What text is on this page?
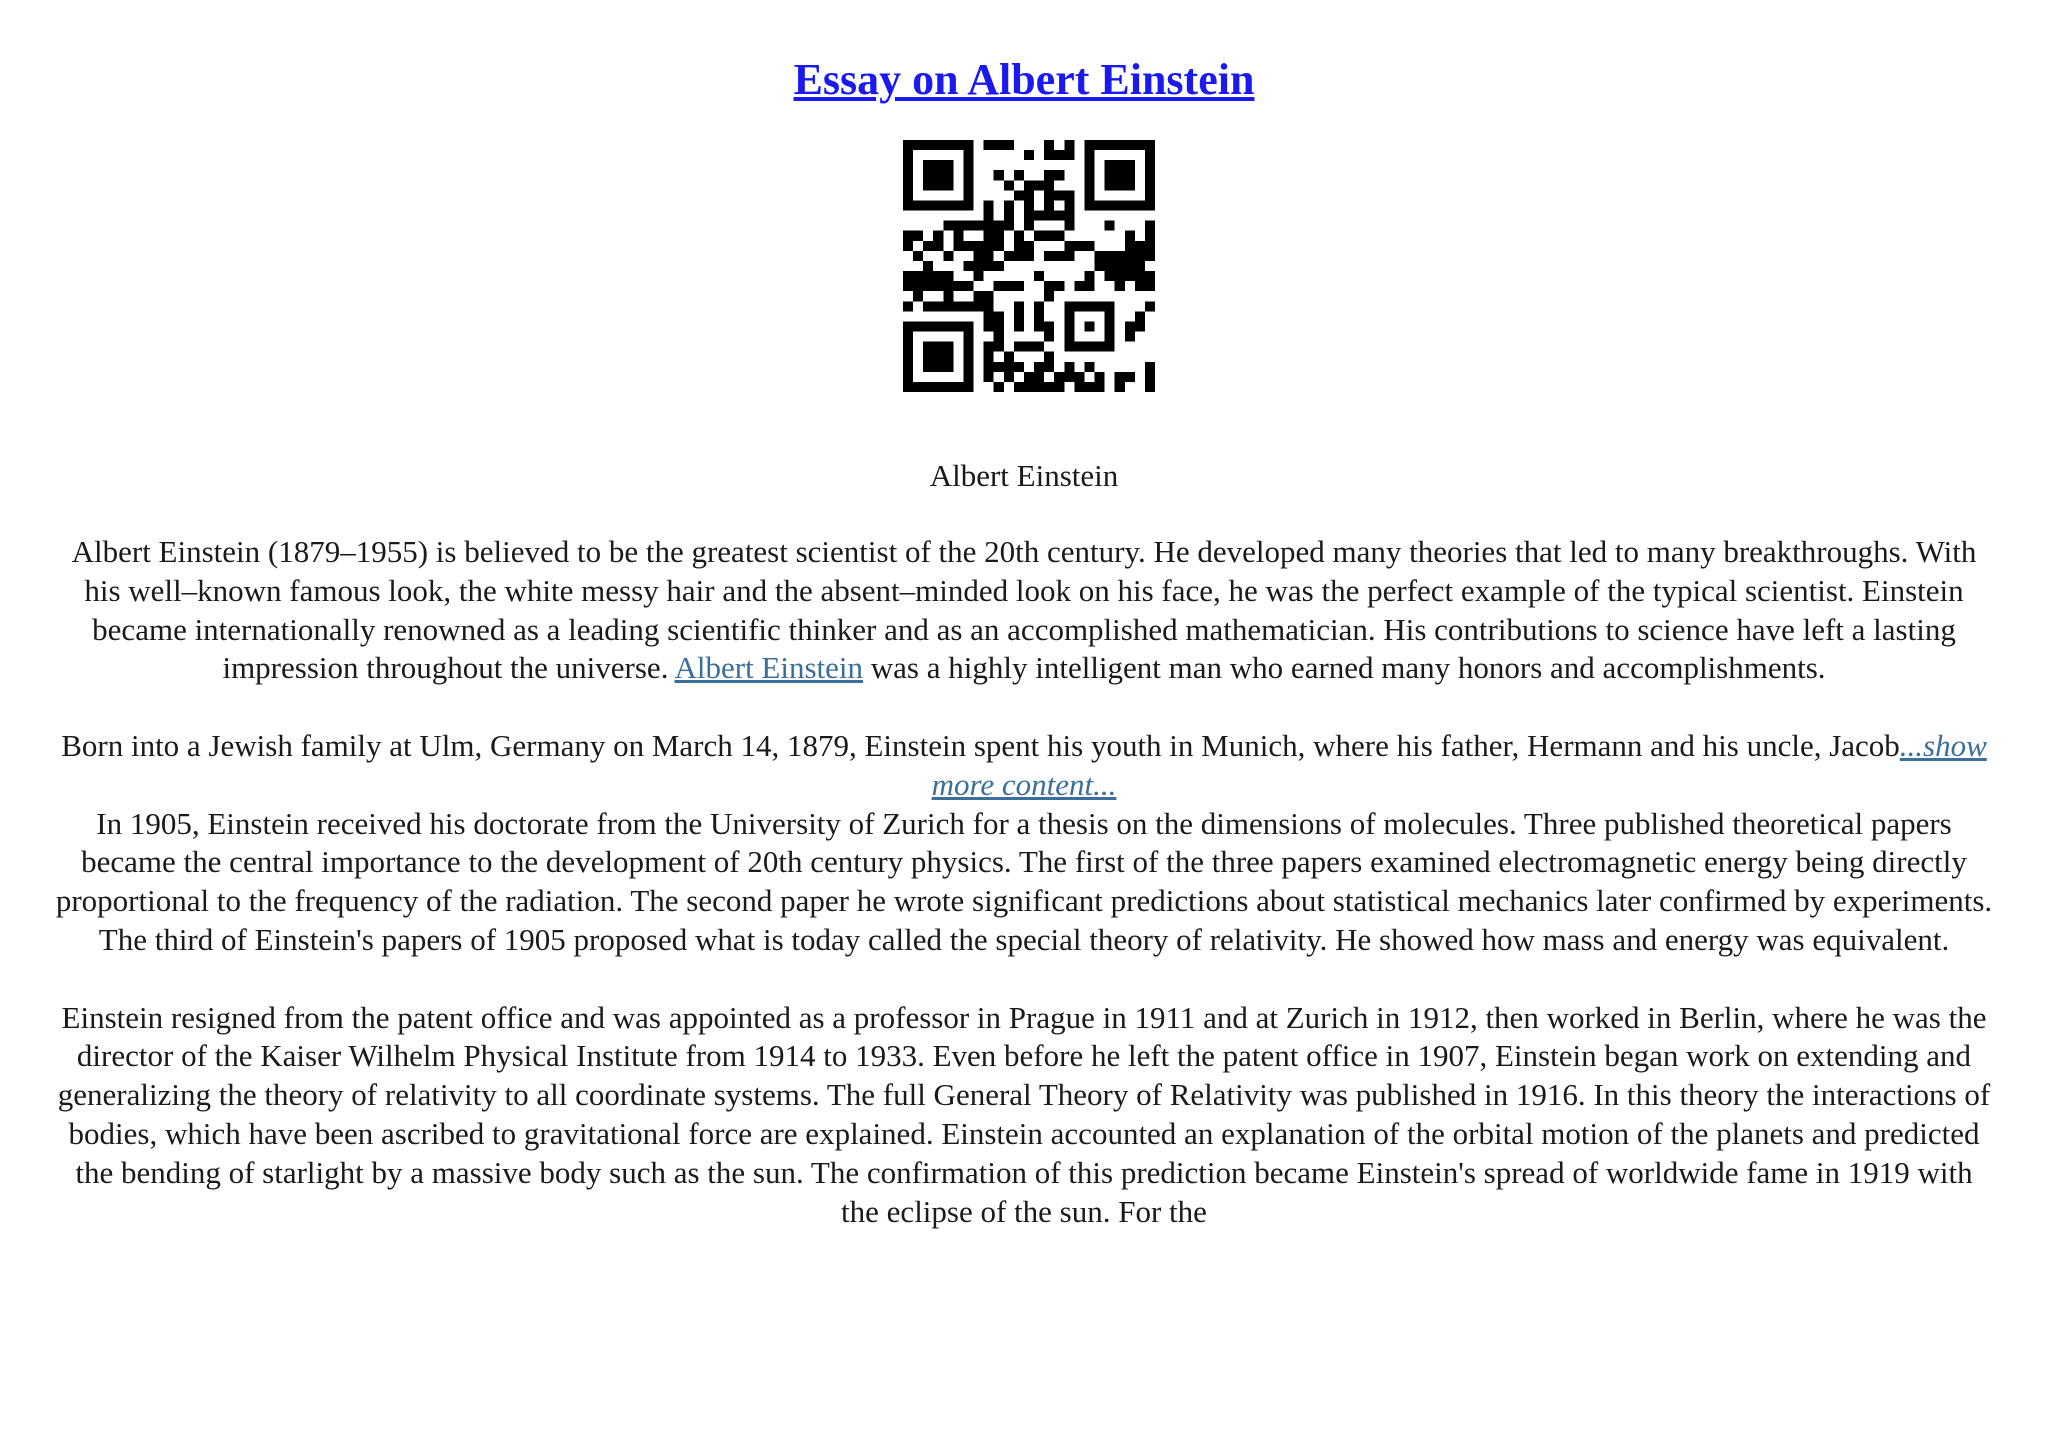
Essay on Albert Einstein
Albert Einstein

Albert Einstein (1879–1955) is believed to be the greatest scientist of the 20th century. He developed many theories that led to many breakthroughs. With his well–known famous look, the white messy hair and the absent–minded look on his face, he was the perfect example of the typical scientist. Einstein became internationally renowned as a leading scientific thinker and as an accomplished mathematician. His contributions to science have left a lasting impression throughout the universe. Albert Einstein was a highly intelligent man who earned many honors and accomplishments.

Born into a Jewish family at Ulm, Germany on March 14, 1879, Einstein spent his youth in Munich, where his father, Hermann and his uncle, Jacob...show more content...

In 1905, Einstein received his doctorate from the University of Zurich for a thesis on the dimensions of molecules. Three published theoretical papers became the central importance to the development of 20th century physics. The first of the three papers examined electromagnetic energy being directly proportional to the frequency of the radiation. The second paper he wrote significant predictions about statistical mechanics later confirmed by experiments. The third of Einstein's papers of 1905 proposed what is today called the special theory of relativity. He showed how mass and energy was equivalent.

Einstein resigned from the patent office and was appointed as a professor in Prague in 1911 and at Zurich in 1912, then worked in Berlin, where he was the director of the Kaiser Wilhelm Physical Institute from 1914 to 1933. Even before he left the patent office in 1907, Einstein began work on extending and generalizing the theory of relativity to all coordinate systems. The full General Theory of Relativity was published in 1916. In this theory the interactions of bodies, which have been ascribed to gravitational force are explained. Einstein accounted an explanation of the orbital motion of the planets and predicted the bending of starlight by a massive body such as the sun. The confirmation of this prediction became Einstein's spread of worldwide fame in 1919 with the eclipse of the sun. For the
